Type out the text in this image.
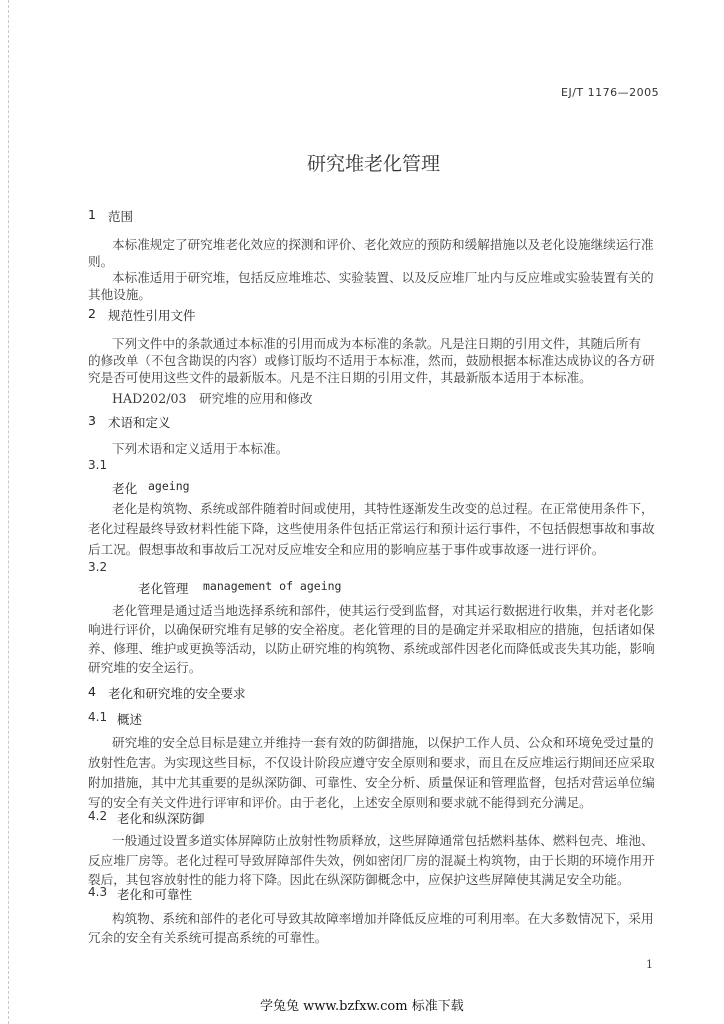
EJ/T 1176—2005
研究堆老化管理
1 范围
本标准规定了研究堆老化效应的探测和评价、老化效应的预防和缓解措施以及老化设施继续运行准
则。
本标准适用于研究堆，包括反应堆堆芯、实验装置、以及反应堆厂址内与反应堆或实验装置有关的
其他设施。
2 规范性引用文件
下列文件中的条款通过本标准的引用而成为本标准的条款。凡是注日期的引用文件，其随后所有
的修改单（不包含勘误的内容）或修订版均不适用于本标准，然而，鼓励根据本标准达成协议的各方研
究是否可使用这些文件的最新版本。凡是不注日期的引用文件，其最新版本适用于本标准。
HAD202/03　研究堆的应用和修改
3 术语和定义
下列术语和定义适用于本标准。
3.1
老化 ageing
老化是构筑物、系统或部件随着时间或使用，其特性逐渐发生改变的总过程。在正常使用条件下，
老化过程最终导致材料性能下降，这些使用条件包括正常运行和预计运行事件，不包括假想事故和事故
后工况。假想事故和事故后工况对反应堆安全和应用的影响应基于事件或事故逐一进行评价。
3.2
老化管理 management of ageing
老化管理是通过适当地选择系统和部件，使其运行受到监督，对其运行数据进行收集，并对老化影
响进行评价，以确保研究堆有足够的安全裕度。老化管理的目的是确定并采取相应的措施，包括诸如保
养、修理、维护或更换等活动，以防止研究堆的构筑物、系统或部件因老化而降低或丧失其功能，影响
研究堆的安全运行。
4 老化和研究堆的安全要求
4.1 概述
研究堆的安全总目标是建立并维持一套有效的防御措施，以保护工作人员、公众和环境免受过量的
放射性危害。为实现这些目标，不仅设计阶段应遵守安全原则和要求，而且在反应堆运行期间还应采取
附加措施，其中尤其重要的是纵深防御、可靠性、安全分析、质量保证和管理监督，包括对营运单位编
写的安全有关文件进行评审和评价。由于老化，上述安全原则和要求就不能得到充分满足。
4.2 老化和纵深防御
一般通过设置多道实体屏障防止放射性物质释放，这些屏障通常包括燃料基体、燃料包壳、堆池、
反应堆厂房等。老化过程可导致屏障部件失效，例如密闭厂房的混凝土构筑物，由于长期的环境作用开
裂后，其包容放射性的能力将下降。因此在纵深防御概念中，应保护这些屏障使其满足安全功能。
4.3 老化和可靠性
构筑物、系统和部件的老化可导致其故障率增加并降低反应堆的可利用率。在大多数情况下，采用
冗余的安全有关系统可提高系统的可靠性。
1
学兔兔 www.bzfxw.com 标准下载
